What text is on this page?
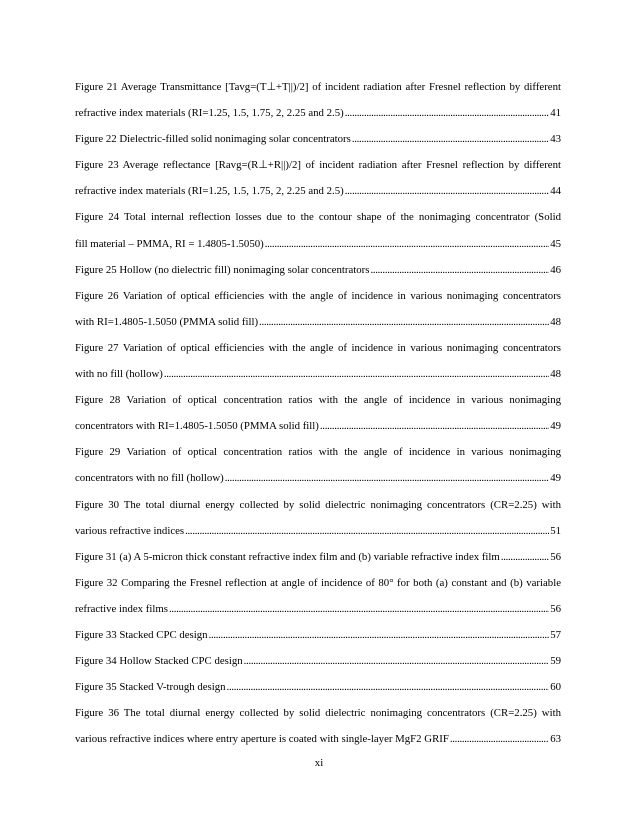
Figure 21 Average Transmittance [Tavg=(T⊥+T||)/2] of incident radiation after Fresnel reflection by different
refractive index materials (RI=1.25, 1.5, 1.75, 2, 2.25 and 2.5) . . .	41
Figure 22 Dielectric-filled solid nonimaging solar concentrators . . .	43
Figure 23 Average reflectance [Ravg=(R⊥+R||)/2] of incident radiation after Fresnel reflection by different
refractive index materials (RI=1.25, 1.5, 1.75, 2, 2.25 and 2.5) . . .	44
Figure 24 Total internal reflection losses due to the contour shape of the nonimaging concentrator (Solid
fill material – PMMA, RI = 1.4805-1.5050) . . .	45
Figure 25 Hollow (no dielectric fill) nonimaging solar concentrators . . .	46
Figure 26 Variation of optical efficiencies with the angle of incidence in various nonimaging concentrators
with RI=1.4805-1.5050 (PMMA solid fill) . . .	48
Figure 27 Variation of optical efficiencies with the angle of incidence in various nonimaging concentrators
with no fill (hollow) . . .	48
Figure 28 Variation of optical concentration ratios with the angle of incidence in various nonimaging
concentrators with RI=1.4805-1.5050 (PMMA solid fill) . . .	49
Figure 29 Variation of optical concentration ratios with the angle of incidence in various nonimaging
concentrators with no fill (hollow) . . .	49
Figure 30 The total diurnal energy collected by solid dielectric nonimaging concentrators (CR=2.25) with
various refractive indices . . .	51
Figure 31 (a) A 5-micron thick constant refractive index film and (b) variable refractive index film . . .	56
Figure 32 Comparing the Fresnel reflection at angle of incidence of 80° for both (a) constant and (b) variable
refractive index films . . .	56
Figure 33 Stacked CPC design . . .	57
Figure 34 Hollow Stacked CPC design . . .	59
Figure 35 Stacked V-trough design . . .	60
Figure 36 The total diurnal energy collected by solid dielectric nonimaging concentrators (CR=2.25) with
various refractive indices where entry aperture is coated with single-layer MgF2 GRIF . . .	63
xi
